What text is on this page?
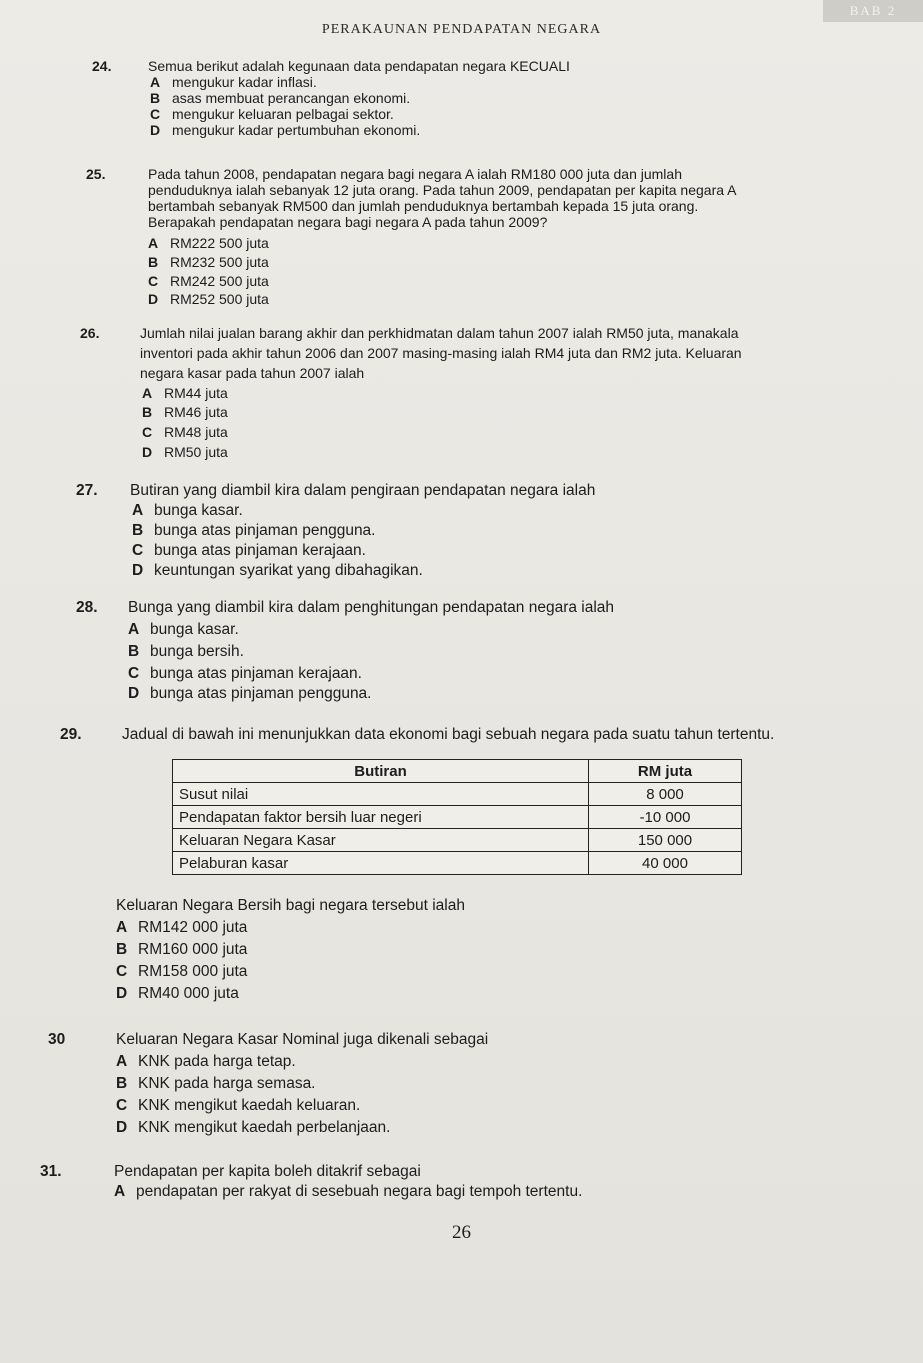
BAB 2
PERAKAUNAN PENDAPATAN NEGARA
24.	Semua berikut adalah kegunaan data pendapatan negara KECUALI
A mengukur kadar inflasi.
B asas membuat perancangan ekonomi.
C mengukur keluaran pelbagai sektor.
D mengukur kadar pertumbuhan ekonomi.
25.	Pada tahun 2008, pendapatan negara bagi negara A ialah RM180 000 juta dan jumlah
penduduknya ialah sebanyak 12 juta orang. Pada tahun 2009, pendapatan per kapita negara A
bertambah sebanyak RM500 dan jumlah penduduknya bertambah kepada 15 juta orang.
Berapakah pendapatan negara bagi negara A pada tahun 2009?
A RM222 500 juta
B RM232 500 juta
C RM242 500 juta
D RM252 500 juta
26.	Jumlah nilai jualan barang akhir dan perkhidmatan dalam tahun 2007 ialah RM50 juta, manakala
inventori pada akhir tahun 2006 dan 2007 masing-masing ialah RM4 juta dan RM2 juta. Keluaran
negara kasar pada tahun 2007 ialah
A RM44 juta
B RM46 juta
C RM48 juta
D RM50 juta
27. Butiran yang diambil kira dalam pengiraan pendapatan negara ialah
A bunga kasar.
B bunga atas pinjaman pengguna.
C bunga atas pinjaman kerajaan.
D keuntungan syarikat yang dibahagikan.
28. Bunga yang diambil kira dalam penghitungan pendapatan negara ialah
A bunga kasar.
B bunga bersih.
C bunga atas pinjaman kerajaan.
D bunga atas pinjaman pengguna.
29.	Jadual di bawah ini menunjukkan data ekonomi bagi sebuah negara pada suatu tahun tertentu.
Butiran	RM juta
Susut nilai	8 000
Pendapatan faktor bersih luar negeri	-10 000
Keluaran Negara Kasar	150 000
Pelaburan kasar	40 000
Keluaran Negara Bersih bagi negara tersebut ialah
A RM142 000 juta
B RM160 000 juta
C RM158 000 juta
D RM40 000 juta
30	Keluaran Negara Kasar Nominal juga dikenali sebagai
A KNK pada harga tetap.
B KNK pada harga semasa.
C KNK mengikut kaedah keluaran.
D KNK mengikut kaedah perbelanjaan.
31.	Pendapatan per kapita boleh ditakrif sebagai
A pendapatan per rakyat di sesebuah negara bagi tempoh tertentu.
26
